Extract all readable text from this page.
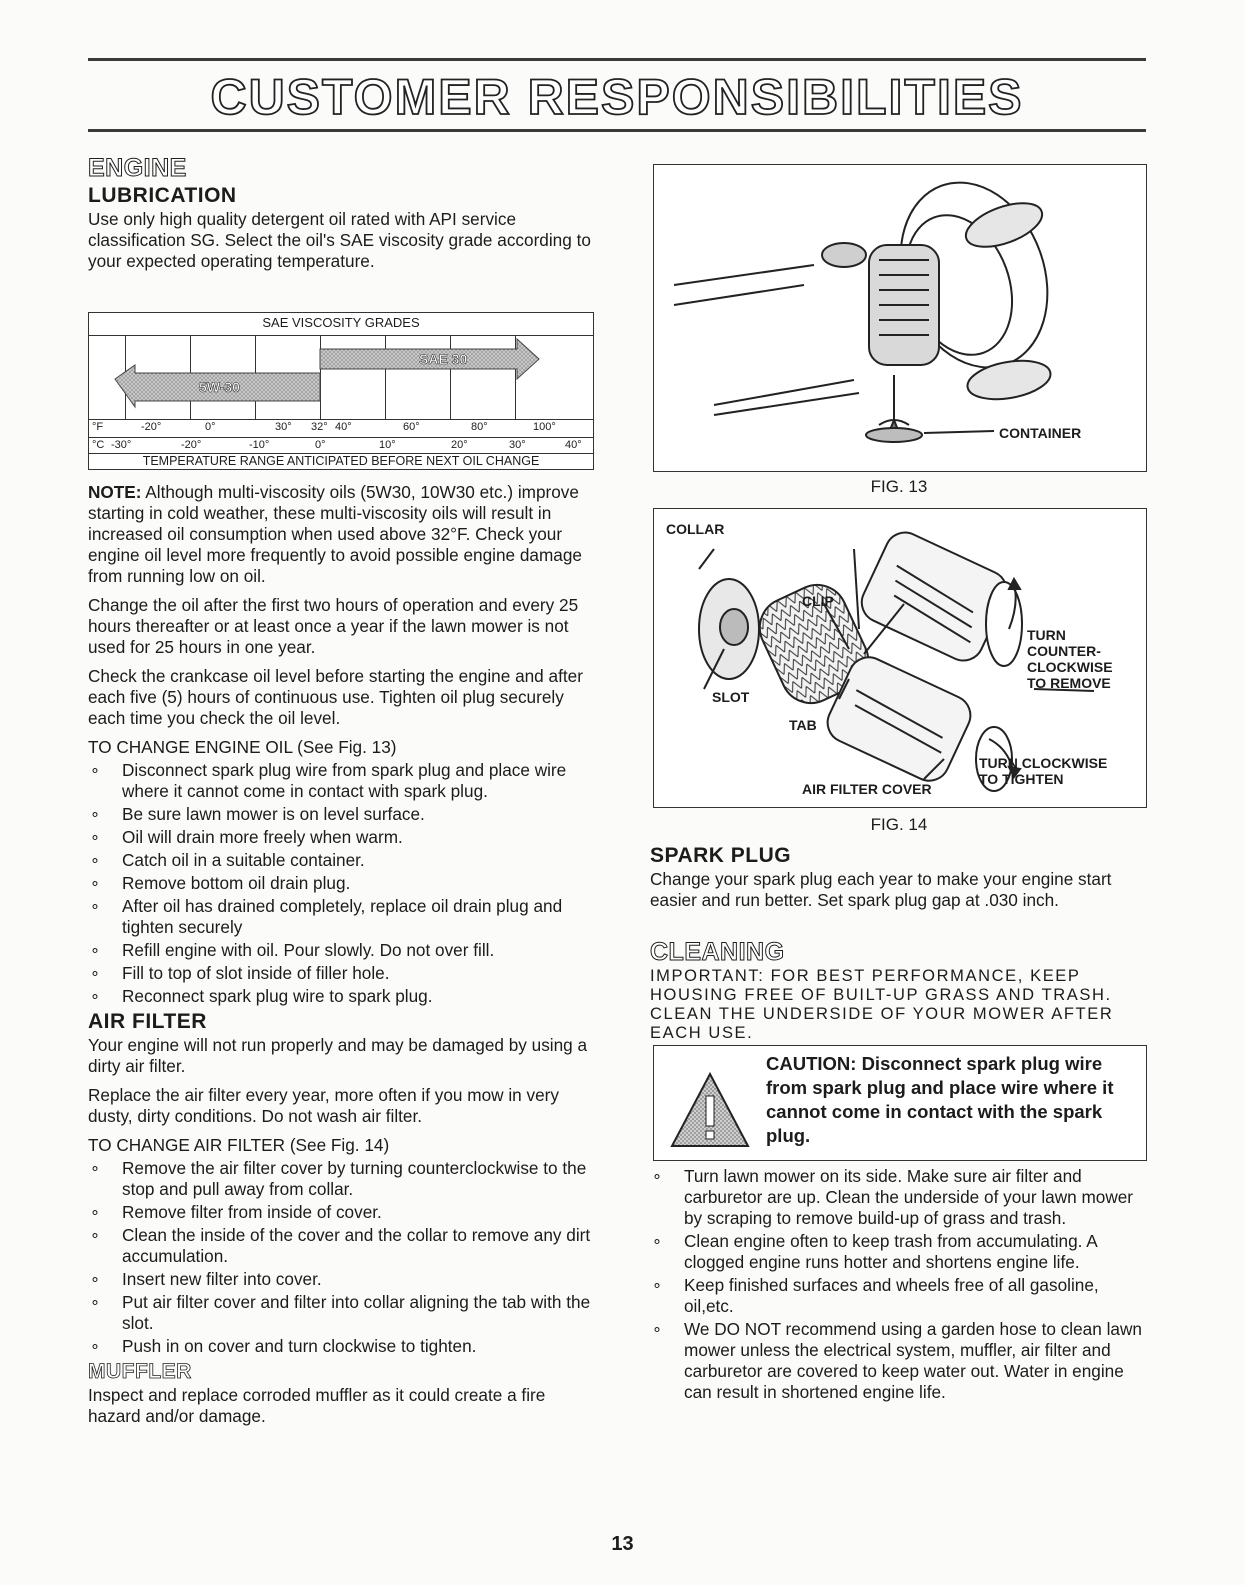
CUSTOMER RESPONSIBILITIES
ENGINE
LUBRICATION

Use only high quality detergent oil rated with API service classification SG. Select the oil's SAE viscosity grade according to your expected operating temperature.

SAE VISCOSITY GRADES
SAE 30
5W-30
°F	-20°	0°	30° 32° 40°	60°	80°	100°
°C -30°	-20°	-10°	0°	10°	20°	30°	40°
TEMPERATURE RANGE ANTICIPATED BEFORE NEXT OIL CHANGE

NOTE: Although multi-viscosity oils (5W30, 10W30 etc.) improve starting in cold weather, these multi-viscosity oils will result in increased oil consumption when used above 32°F. Check your engine oil level more frequently to avoid possible engine damage from running low on oil.

Change the oil after the first two hours of operation and every 25 hours thereafter or at least once a year if the lawn mower is not used for 25 hours in one year.

Check the crankcase oil level before starting the engine and after each five (5) hours of continuous use. Tighten oil plug securely each time you check the oil level.

TO CHANGE ENGINE OIL (See Fig. 13)
∘ Disconnect spark plug wire from spark plug and place wire where it cannot come in contact with spark plug.
∘ Be sure lawn mower is on level surface.
∘ Oil will drain more freely when warm.
∘ Catch oil in a suitable container.
∘ Remove bottom oil drain plug.
∘ After oil has drained completely, replace oil drain plug and tighten securely
∘ Refill engine with oil. Pour slowly. Do not over fill.
∘ Fill to top of slot inside of filler hole.
∘ Reconnect spark plug wire to spark plug.
AIR FILTER

Your engine will not run properly and may be damaged by using a dirty air filter.

Replace the air filter every year, more often if you mow in very dusty, dirty conditions. Do not wash air filter.

TO CHANGE AIR FILTER (See Fig. 14)
∘ Remove the air filter cover by turning counterclockwise to the stop and pull away from collar.
∘ Remove filter from inside of cover.
∘ Clean the inside of the cover and the collar to remove any dirt accumulation.
∘ Insert new filter into cover.
∘ Put air filter cover and filter into collar aligning the tab with the slot.
∘ Push in on cover and turn clockwise to tighten.
MUFFLER

Inspect and replace corroded muffler as it could create a fire hazard and/or damage.

CONTAINER
FIG. 13
COLLAR
CLIP
SLOT
TAB
TURN
COUNTER-
CLOCKWISE
TO REMOVE
AIR FILTER COVER
TURN CLOCKWISE
TO TIGHTEN
FIG. 14
SPARK PLUG

Change your spark plug each year to make your engine start easier and run better. Set spark plug gap at .030 inch.

CLEANING

IMPORTANT: FOR BEST PERFORMANCE, KEEP HOUSING FREE OF BUILT-UP GRASS AND TRASH. CLEAN THE UNDERSIDE OF YOUR MOWER AFTER EACH USE.

CAUTION: Disconnect spark plug wire from spark plug and place wire where it cannot come in contact with the spark plug.
∘ Turn lawn mower on its side. Make sure air filter and carburetor are up. Clean the underside of your lawn mower by scraping to remove build-up of grass and trash.
∘ Clean engine often to keep trash from accumulating. A clogged engine runs hotter and shortens engine life.
∘ Keep finished surfaces and wheels free of all gasoline, oil,etc.
∘ We DO NOT recommend using a garden hose to clean lawn mower unless the electrical system, muffler, air filter and carburetor are covered to keep water out. Water in engine can result in shortened engine life.
13
